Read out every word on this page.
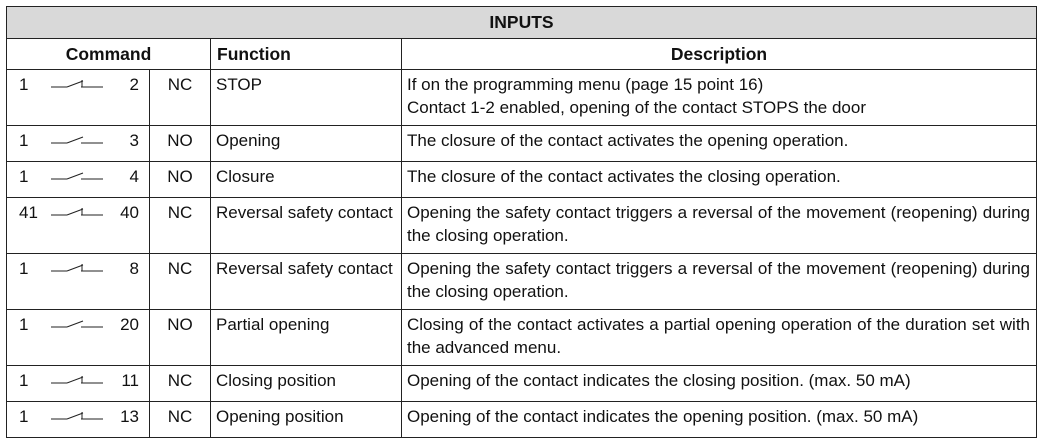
INPUTS			
Command		Function	Description

1 2	NC	STOP	If on the programming menu (page 15 point 16)
Contact 1-2 enabled, opening of the contact STOPS the door

1 3	NO	Opening	The closure of the contact activates the opening operation.

1 4	NO	Closure	The closure of the contact activates the closing operation.

41 40	NC	Reversal safety contact	Opening the safety contact triggers a reversal of the movement (reopening) during the closing operation.

1 8	NC	Reversal safety contact	Opening the safety contact triggers a reversal of the movement (reopening) during the closing operation.

1 20	NO	Partial opening	Closing of the contact activates a partial opening operation of the duration set with the advanced menu.

1 11	NC	Closing position	Opening of the contact indicates the closing position. (max. 50 mA)

1 13	NC	Opening position	Opening of the contact indicates the opening position. (max. 50 mA)
